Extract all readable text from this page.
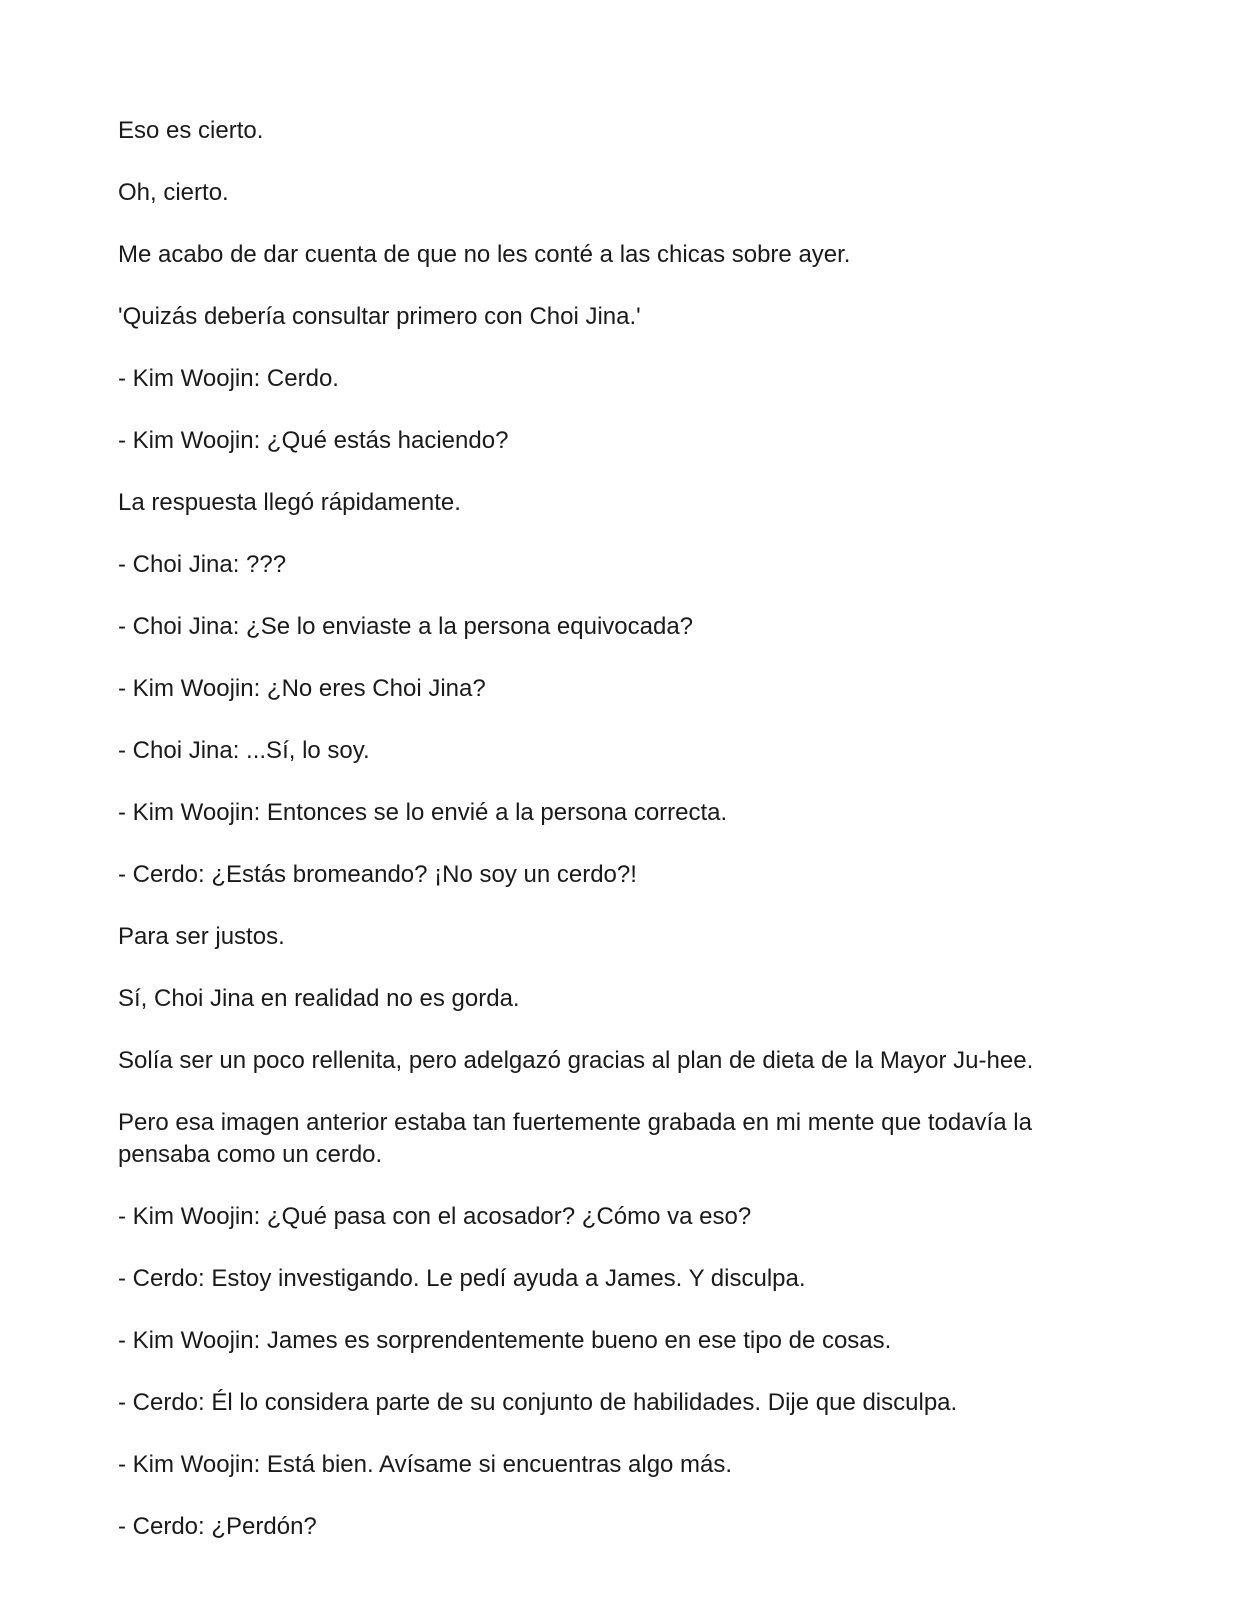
Eso es cierto.

Oh, cierto.

Me acabo de dar cuenta de que no les conté a las chicas sobre ayer.

'Quizás debería consultar primero con Choi Jina.'

- Kim Woojin: Cerdo.

- Kim Woojin: ¿Qué estás haciendo?

La respuesta llegó rápidamente.

- Choi Jina: ???

- Choi Jina: ¿Se lo enviaste a la persona equivocada?

- Kim Woojin: ¿No eres Choi Jina?

- Choi Jina: ...Sí, lo soy.

- Kim Woojin: Entonces se lo envié a la persona correcta.

- Cerdo: ¿Estás bromeando? ¡No soy un cerdo?!

Para ser justos.

Sí, Choi Jina en realidad no es gorda.

Solía ser un poco rellenita, pero adelgazó gracias al plan de dieta de la Mayor Ju-hee.

Pero esa imagen anterior estaba tan fuertemente grabada en mi mente que todavía la pensaba como un cerdo.

- Kim Woojin: ¿Qué pasa con el acosador? ¿Cómo va eso?

- Cerdo: Estoy investigando. Le pedí ayuda a James. Y disculpa.

- Kim Woojin: James es sorprendentemente bueno en ese tipo de cosas.

- Cerdo: Él lo considera parte de su conjunto de habilidades. Dije que disculpa.

- Kim Woojin: Está bien. Avísame si encuentras algo más.

- Cerdo: ¿Perdón?
